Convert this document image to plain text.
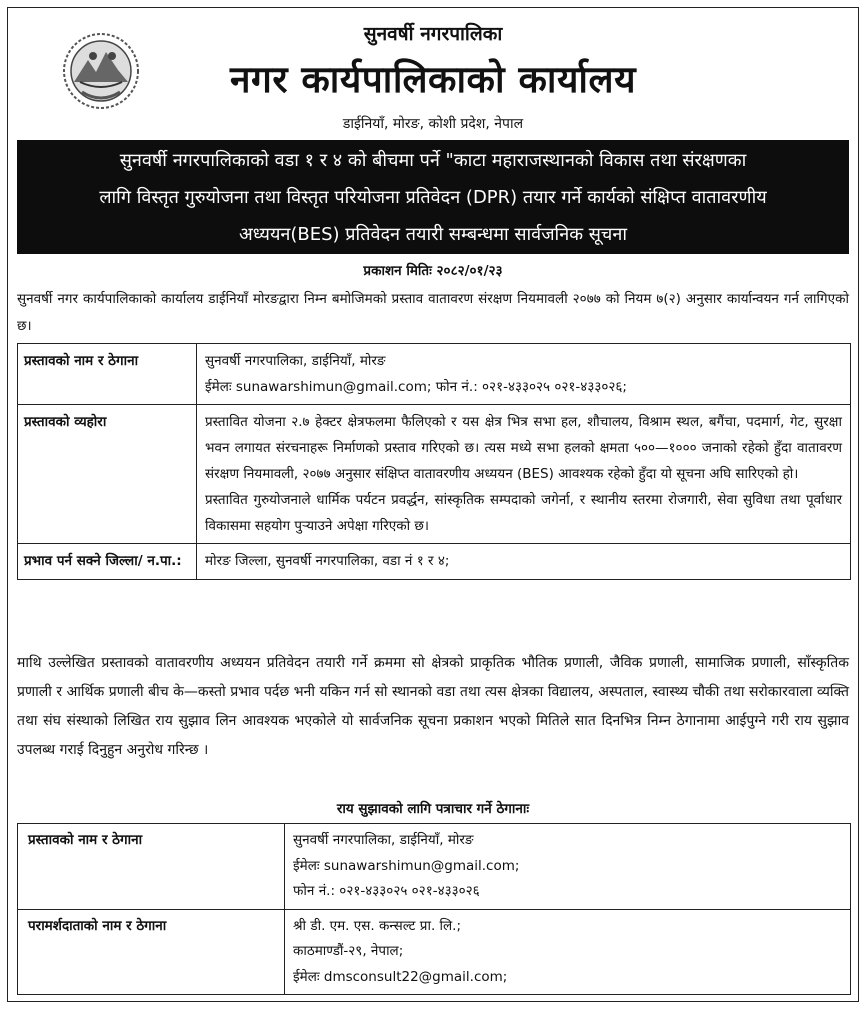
सुनवर्षी नगरपालिका
नगर कार्यपालिकाको कार्यालय
डाईनियाँ, मोरङ, कोशी प्रदेश, नेपाल
सुनवर्षी नगरपालिकाको वडा १ र ४ को बीचमा पर्ने "काटा महाराजस्थानको विकास तथा संरक्षणका
लागि विस्तृत गुरुयोजना तथा विस्तृत परियोजना प्रतिवेदन (DPR) तयार गर्ने कार्यको संक्षिप्त वातावरणीय
अध्ययन(BES) प्रतिवेदन तयारी सम्बन्धमा सार्वजनिक सूचना
प्रकाशन मितिः २०८२/०१/२३
सुनवर्षी नगर कार्यपालिकाको कार्यालय डाईनियाँ मोरङद्वारा निम्न बमोजिमको प्रस्ताव वातावरण संरक्षण नियमावली २०७७ को नियम ७(२) अनुसार कार्यान्वयन गर्न लागिएको छ।
प्रस्तावको नाम र ठेगाना	सुनवर्षी नगरपालिका, डाईनियाँ, मोरङ
ईमेलः sunawarshimun@gmail.com; फोन नं.: ०२१-४३३०२५ ०२१-४३३०२६;

प्रस्तावको व्यहोरा	प्रस्तावित योजना २.७ हेक्टर क्षेत्रफलमा फैलिएको र यस क्षेत्र भित्र सभा हल, शौचालय, विश्राम स्थल, बगैंचा, पदमार्ग, गेट, सुरक्षा भवन लगायत संरचनाहरू निर्माणको प्रस्ताव गरिएको छ। त्यस मध्ये सभा हलको क्षमता ५००—१००० जनाको रहेको हुँदा वातावरण संरक्षण नियमावली, २०७७ अनुसार संक्षिप्त वातावरणीय अध्ययन (BES) आवश्यक रहेको हुँदा यो सूचना अघि सारिएको हो।
प्रस्तावित गुरुयोजनाले धार्मिक पर्यटन प्रवर्द्धन, सांस्कृतिक सम्पदाको जगेर्ना, र स्थानीय स्तरमा रोजगारी, सेवा सुविधा तथा पूर्वाधार विकासमा सहयोग पुऱ्याउने अपेक्षा गरिएको छ।

प्रभाव पर्न सक्ने जिल्ला/ न.पा.:	मोरङ जिल्ला, सुनवर्षी नगरपालिका, वडा नं १ र ४;
माथि उल्लेखित प्रस्तावको वातावरणीय अध्ययन प्रतिवेदन तयारी गर्ने क्रममा सो क्षेत्रको प्राकृतिक भौतिक प्रणाली, जैविक प्रणाली, सामाजिक प्रणाली, साँस्कृतिक प्रणाली र आर्थिक प्रणाली बीच के—कस्तो प्रभाव पर्दछ भनी यकिन गर्न सो स्थानको वडा तथा त्यस क्षेत्रका विद्यालय, अस्पताल, स्वास्थ्य चौकी तथा सरोकारवाला व्यक्ति तथा संघ संस्थाको लिखित राय सुझाव लिन आवश्यक भएकोले यो सार्वजनिक सूचना प्रकाशन भएको मितिले सात दिनभित्र निम्न ठेगानामा आईपुग्ने गरी राय सुझाव उपलब्ध गराई दिनुहुन अनुरोध गरिन्छ ।
राय सुझावको लागि पत्राचार गर्ने ठेगानाः
प्रस्तावको नाम र ठेगाना	सुनवर्षी नगरपालिका, डाईनियाँ, मोरङ
ईमेलः sunawarshimun@gmail.com;
फोन नं.: ०२१-४३३०२५ ०२१-४३३०२६

परामर्शदाताको नाम र ठेगाना	श्री डी. एम. एस. कन्सल्ट प्रा. लि.;
काठमाण्डौं-२९, नेपाल;
ईमेलः dmsconsult22@gmail.com;
